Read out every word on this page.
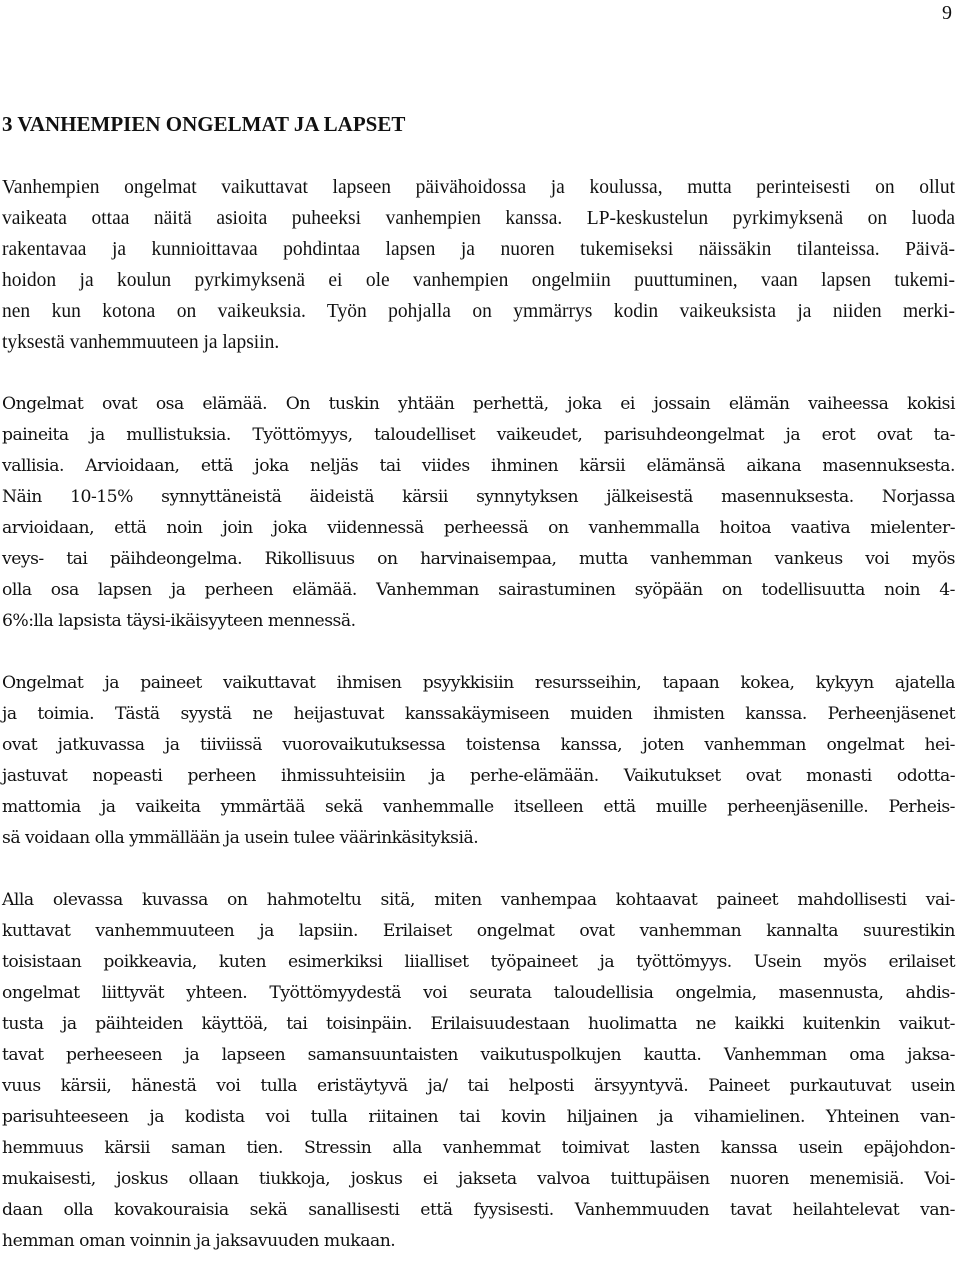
9
3 VANHEMPIEN ONGELMAT JA LAPSET
Vanhempien ongelmat vaikuttavat lapseen päivähoidossa ja koulussa, mutta perinteisesti on ollut
vaikeata ottaa näitä asioita puheeksi vanhempien kanssa. LP-keskustelun pyrkimyksenä on luoda
rakentavaa ja kunnioittavaa pohdintaa lapsen ja nuoren tukemiseksi näissäkin tilanteissa. Päivä-
hoidon ja koulun pyrkimyksenä ei ole vanhempien ongelmiin puuttuminen, vaan lapsen tukemi-
nen kun kotona on vaikeuksia. Työn pohjalla on ymmärrys kodin vaikeuksista ja niiden merki-
tyksestä vanhemmuuteen ja lapsiin.
Ongelmat ovat osa elämää. On tuskin yhtään perhettä, joka ei jossain elämän vaiheessa kokisi
paineita ja mullistuksia. Työttömyys, taloudelliset vaikeudet, parisuhdeongelmat ja erot ovat ta-
vallisia. Arvioidaan, että joka neljäs tai viides ihminen kärsii elämänsä aikana masennuksesta.
Näin 10-15% synnyttäneistä äideistä kärsii synnytyksen jälkeisestä masennuksesta. Norjassa
arvioidaan, että noin join joka viidennessä perheessä on vanhemmalla hoitoa vaativa mielenter-
veys- tai päihdeongelma. Rikollisuus on harvinaisempaa, mutta vanhemman vankeus voi myös
olla osa lapsen ja perheen elämää. Vanhemman sairastuminen syöpään on todellisuutta noin 4-
6%:lla lapsista täysi-ikäisyyteen mennessä.
Ongelmat ja paineet vaikuttavat ihmisen psyykkisiin resursseihin, tapaan kokea, kykyyn ajatella
ja toimia. Tästä syystä ne heijastuvat kanssakäymiseen muiden ihmisten kanssa. Perheenjäsenet
ovat jatkuvassa ja tiiviissä vuorovaikutuksessa toistensa kanssa, joten vanhemman ongelmat hei-
jastuvat nopeasti perheen ihmissuhteisiin ja perhe-elämään. Vaikutukset ovat monasti odotta-
mattomia ja vaikeita ymmärtää sekä vanhemmalle itselleen että muille perheenjäsenille. Perheis-
sä voidaan olla ymmällään ja usein tulee väärinkäsityksiä.
Alla olevassa kuvassa on hahmoteltu sitä, miten vanhempaa kohtaavat paineet mahdollisesti vai-
kuttavat vanhemmuuteen ja lapsiin. Erilaiset ongelmat ovat vanhemman kannalta suurestikin
toisistaan poikkeavia, kuten esimerkiksi liialliset työpaineet ja työttömyys. Usein myös erilaiset
ongelmat liittyvät yhteen. Työttömyydestä voi seurata taloudellisia ongelmia, masennusta, ahdis-
tusta ja päihteiden käyttöä, tai toisinpäin. Erilaisuudestaan huolimatta ne kaikki kuitenkin vaikut-
tavat perheeseen ja lapseen samansuuntaisten vaikutuspolkujen kautta. Vanhemman oma jaksa-
vuus kärsii, hänestä voi tulla eristäytyvä ja/ tai helposti ärsyyntyvä. Paineet purkautuvat usein
parisuhteeseen ja kodista voi tulla riitainen tai kovin hiljainen ja vihamielinen. Yhteinen van-
hemmuus kärsii saman tien. Stressin alla vanhemmat toimivat lasten kanssa usein epäjohdon-
mukaisesti, joskus ollaan tiukkoja, joskus ei jakseta valvoa tuittupäisen nuoren menemisiä. Voi-
daan olla kovakouraisia sekä sanallisesti että fyysisesti. Vanhemmuuden tavat heilahtelevat van-
hemman oman voinnin ja jaksavuuden mukaan.
